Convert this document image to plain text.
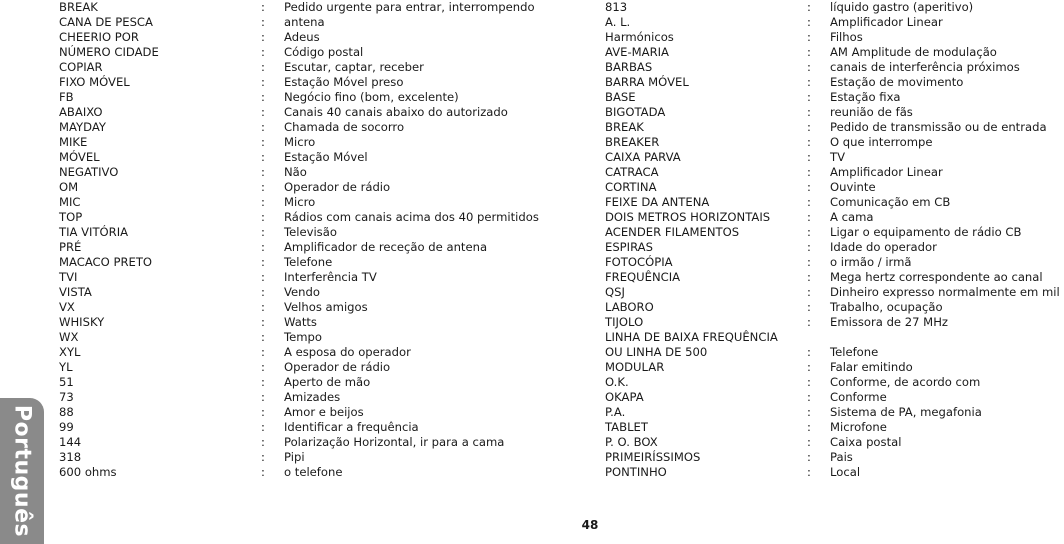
Português
BREAK	: Pedido urgente para entrar, interrompendo
CANA DE PESCA	: antena
CHEERIO POR	: Adeus
NÚMERO CIDADE	: Código postal
COPIAR	: Escutar, captar, receber
FIXO MÓVEL	: Estação Móvel preso
FB	: Negócio fino (bom, excelente)
ABAIXO	: Canais 40 canais abaixo do autorizado
MAYDAY	: Chamada de socorro
MIKE	: Micro
MÓVEL	: Estação Móvel
NEGATIVO	: Não
OM	: Operador de rádio
MIC	: Micro
TOP	: Rádios com canais acima dos 40 permitidos
TIA VITÓRIA	: Televisão
PRÉ	: Amplificador de receção de antena
MACACO PRETO	: Telefone
TVI	: Interferência TV
VISTA	: Vendo
VX	: Velhos amigos
WHISKY	: Watts
WX	: Tempo
XYL	: A esposa do operador
YL	: Operador de rádio
51	: Aperto de mão
73	: Amizades
88	: Amor e beijos
99	: Identificar a frequência
144	: Polarização Horizontal, ir para a cama
318	: Pipi
600 ohms	: o telefone
813	: líquido gastro (aperitivo)
A. L.	: Amplificador Linear
Harmónicos	: Filhos
AVE-MARIA	: AM Amplitude de modulação
BARBAS	: canais de interferência próximos
BARRA MÓVEL	: Estação de movimento
BASE	: Estação fixa
BIGOTADA	: reunião de fãs
BREAK	: Pedido de transmissão ou de entrada
BREAKER	: O que interrompe
CAIXA PARVA	: TV
CATRACA	: Amplificador Linear
CORTINA	: Ouvinte
FEIXE DA ANTENA	: Comunicação em CB
DOIS METROS HORIZONTAIS	: A cama
ACENDER FILAMENTOS	: Ligar o equipamento de rádio CB
ESPIRAS	: Idade do operador
FOTOCÓPIA	: o irmão / irmã
FREQUÊNCIA	: Mega hertz correspondente ao canal
QSJ	: Dinheiro expresso normalmente em mil
LABORO	: Trabalho, ocupação
TIJOLO	: Emissora de 27 MHz
LINHA DE BAIXA FREQUÊNCIA
OU LINHA DE 500	: Telefone
MODULAR	: Falar emitindo
O.K.	: Conforme, de acordo com
OKAPA	: Conforme
P.A.	: Sistema de PA, megafonia
TABLET	: Microfone
P. O. BOX	: Caixa postal
PRIMEIRÍSSIMOS	: Pais
PONTINHO	: Local
48
